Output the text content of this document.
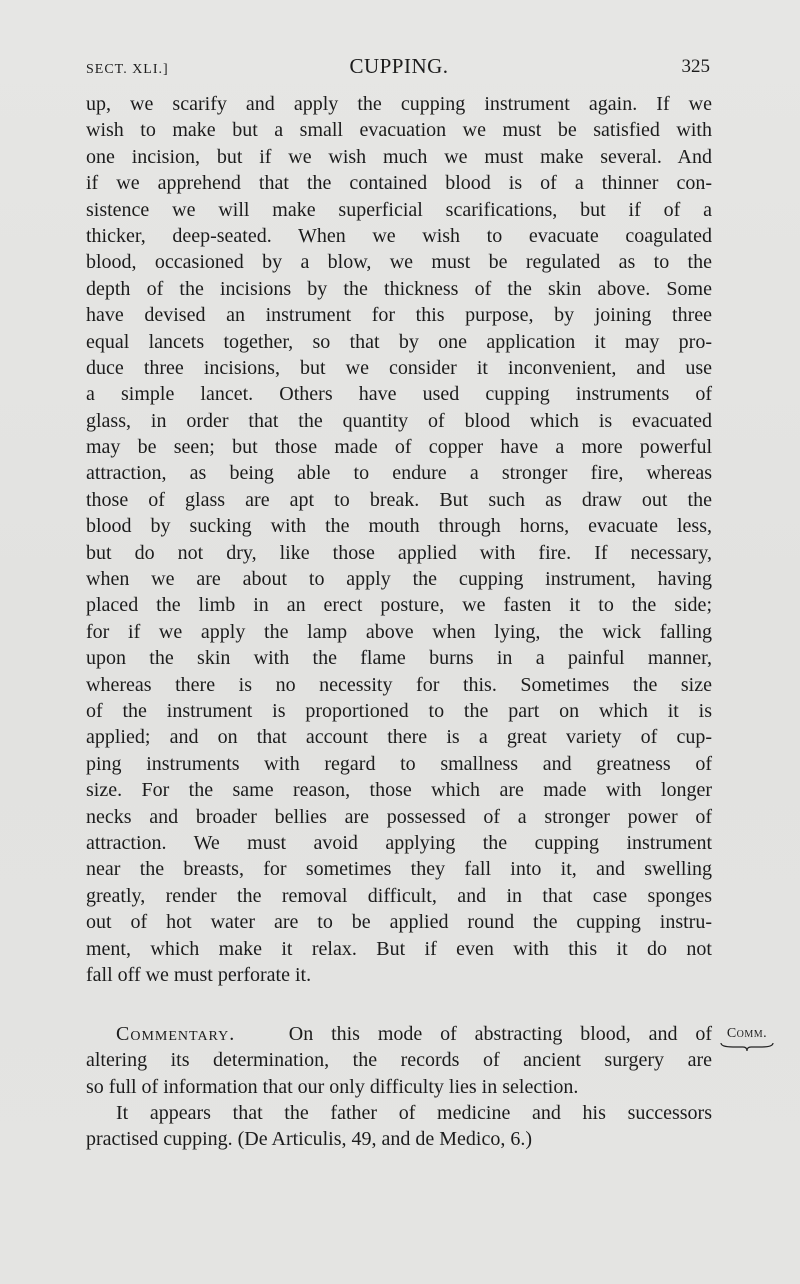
SECT. XLI.]	CUPPING.	325
up, we scarify and apply the cupping instrument again. If we
wish to make but a small evacuation we must be satisfied with
one incision, but if we wish much we must make several. And
if we apprehend that the contained blood is of a thinner con-
sistence we will make superficial scarifications, but if of a
thicker, deep-seated. When we wish to evacuate coagulated
blood, occasioned by a blow, we must be regulated as to the
depth of the incisions by the thickness of the skin above. Some
have devised an instrument for this purpose, by joining three
equal lancets together, so that by one application it may pro-
duce three incisions, but we consider it inconvenient, and use
a simple lancet. Others have used cupping instruments of
glass, in order that the quantity of blood which is evacuated
may be seen; but those made of copper have a more powerful
attraction, as being able to endure a stronger fire, whereas
those of glass are apt to break. But such as draw out the
blood by sucking with the mouth through horns, evacuate less,
but do not dry, like those applied with fire. If necessary,
when we are about to apply the cupping instrument, having
placed the limb in an erect posture, we fasten it to the side;
for if we apply the lamp above when lying, the wick falling
upon the skin with the flame burns in a painful manner,
whereas there is no necessity for this. Sometimes the size
of the instrument is proportioned to the part on which it is
applied; and on that account there is a great variety of cup-
ping instruments with regard to smallness and greatness of
size. For the same reason, those which are made with longer
necks and broader bellies are possessed of a stronger power of
attraction. We must avoid applying the cupping instrument
near the breasts, for sometimes they fall into it, and swelling
greatly, render the removal difficult, and in that case sponges
out of hot water are to be applied round the cupping instru-
ment, which make it relax. But if even with this it do not
fall off we must perforate it.
Commentary.	On this mode of abstracting blood, and of
altering its determination, the records of ancient surgery are
so full of information that our only difficulty lies in selection.
It appears that the father of medicine and his successors
practised cupping. (De Articulis, 49, and de Medico, 6.)
Comm.
